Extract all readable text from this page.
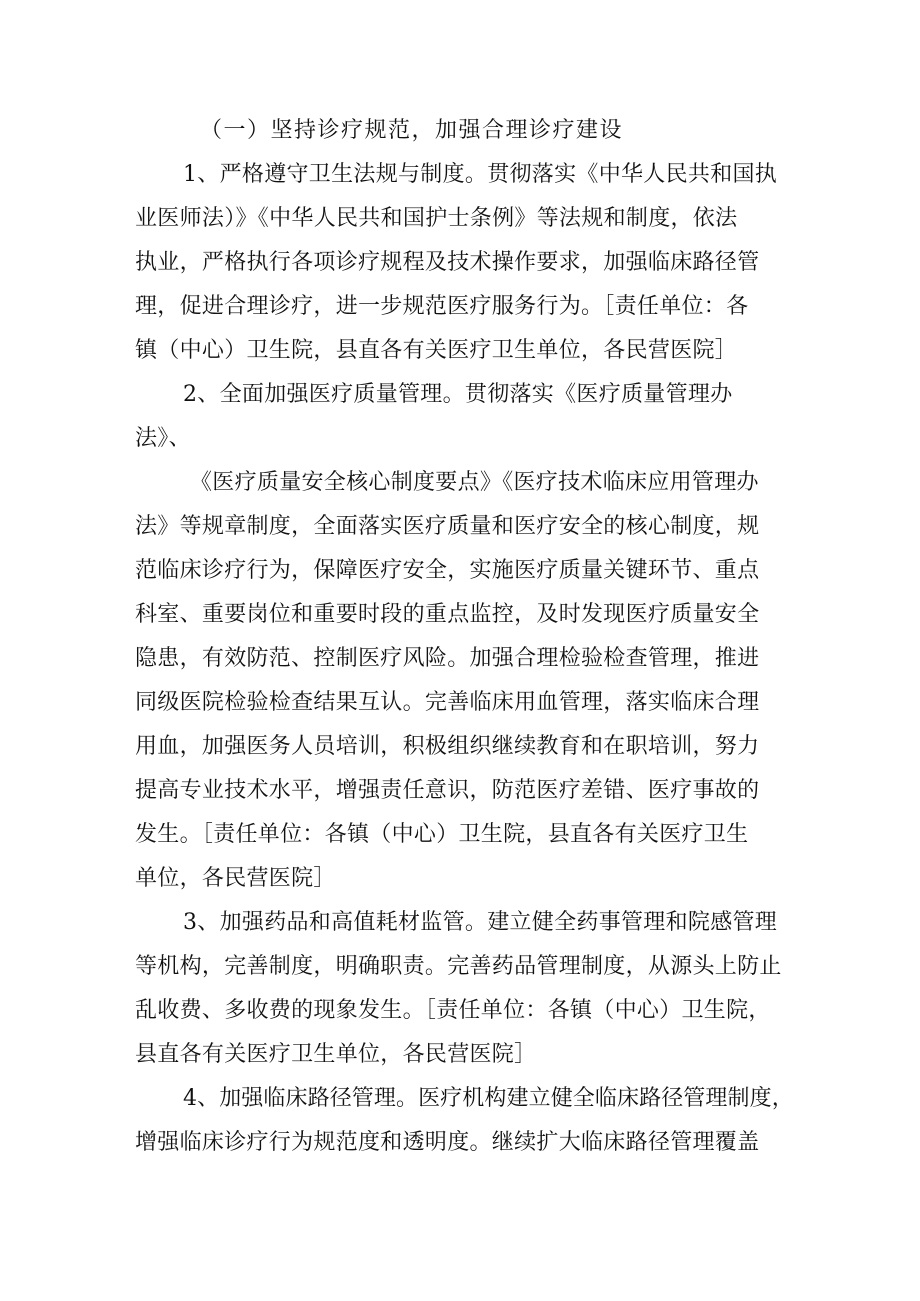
（一）坚持诊疗规范，加强合理诊疗建设
1、严格遵守卫生法规与制度。贯彻落实《中华人民共和国执
业医师法）》《中华人民共和国护士条例》等法规和制度，依法
执业，严格执行各项诊疗规程及技术操作要求，加强临床路径管
理，促进合理诊疗，进一步规范医疗服务行为。［责任单位：各
镇（中心）卫生院，县直各有关医疗卫生单位，各民营医院］
2、全面加强医疗质量管理。贯彻落实《医疗质量管理办
法》、
《医疗质量安全核心制度要点》《医疗技术临床应用管理办
法》等规章制度，全面落实医疗质量和医疗安全的核心制度，规
范临床诊疗行为，保障医疗安全，实施医疗质量关键环节、重点
科室、重要岗位和重要时段的重点监控，及时发现医疗质量安全
隐患，有效防范、控制医疗风险。加强合理检验检查管理，推进
同级医院检验检查结果互认。完善临床用血管理，落实临床合理
用血，加强医务人员培训，积极组织继续教育和在职培训，努力
提高专业技术水平，增强责任意识，防范医疗差错、医疗事故的
发生。［责任单位：各镇（中心）卫生院，县直各有关医疗卫生
单位，各民营医院］
3、加强药品和高值耗材监管。建立健全药事管理和院感管理
等机构，完善制度，明确职责。完善药品管理制度，从源头上防止
乱收费、多收费的现象发生。［责任单位：各镇（中心）卫生院，
县直各有关医疗卫生单位，各民营医院］
4、加强临床路径管理。医疗机构建立健全临床路径管理制度，
增强临床诊疗行为规范度和透明度。继续扩大临床路径管理覆盖
